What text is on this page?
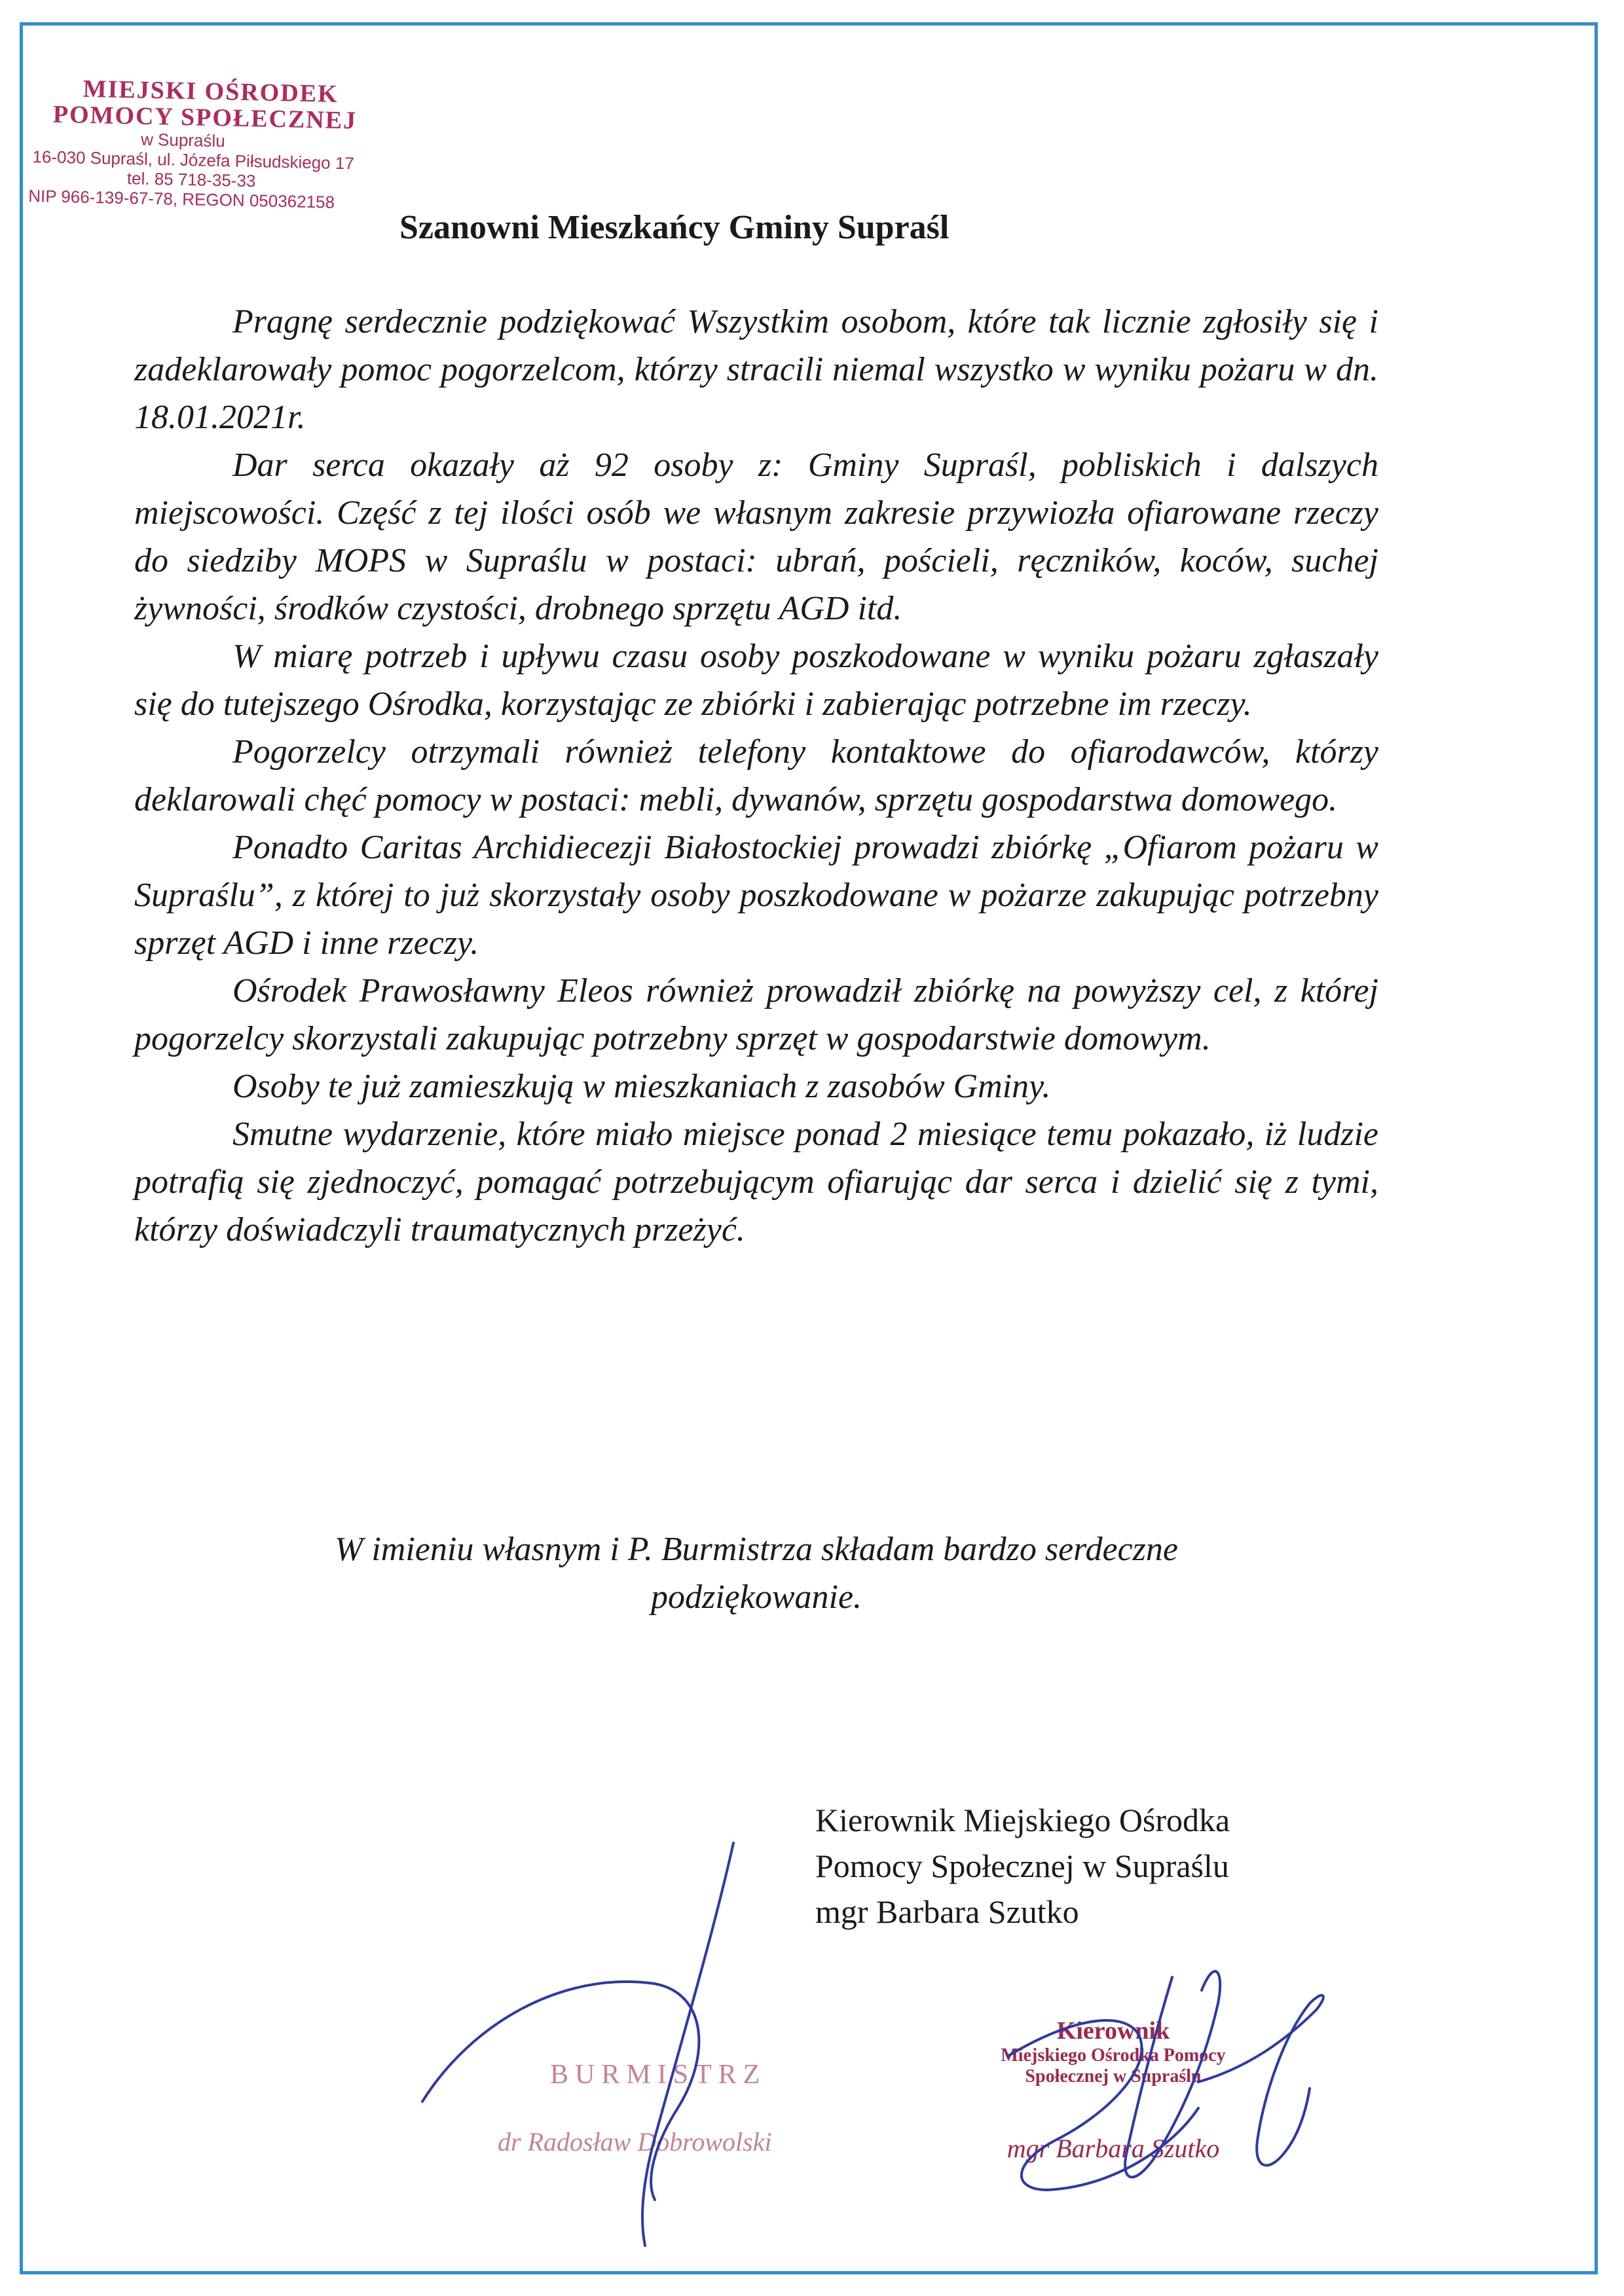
MIEJSKI OŚRODEK
POMOCY SPOŁECZNEJ
w Supraślu
16-030 Supraśl, ul. Józefa Piłsudskiego 17
tel. 85 718-35-33
NIP 966-139-67-78, REGON 050362158
Szanowni Mieszkańcy Gminy Supraśl

Pragnę serdecznie podziękować Wszystkim osobom, które tak licznie zgłosiły się i zadeklarowały pomoc pogorzelcom, którzy stracili niemal wszystko w wyniku pożaru w dn. 18.01.2021r.

Dar serca okazały aż 92 osoby z: Gminy Supraśl, pobliskich i dalszych miejscowości. Część z tej ilości osób we własnym zakresie przywiozła ofiarowane rzeczy do siedziby MOPS w Supraślu w postaci: ubrań, pościeli, ręczników, koców, suchej żywności, środków czystości, drobnego sprzętu AGD itd.

W miarę potrzeb i upływu czasu osoby poszkodowane w wyniku pożaru zgłaszały się do tutejszego Ośrodka, korzystając ze zbiórki i zabierając potrzebne im rzeczy.

Pogorzelcy otrzymali również telefony kontaktowe do ofiarodawców, którzy deklarowali chęć pomocy w postaci: mebli, dywanów, sprzętu gospodarstwa domowego.

Ponadto Caritas Archidiecezji Białostockiej prowadzi zbiórkę „Ofiarom pożaru w Supraślu”, z której to już skorzystały osoby poszkodowane w pożarze zakupując potrzebny sprzęt AGD i inne rzeczy.

Ośrodek Prawosławny Eleos również prowadził zbiórkę na powyższy cel, z której pogorzelcy skorzystali zakupując potrzebny sprzęt w gospodarstwie domowym.

Osoby te już zamieszkują w mieszkaniach z zasobów Gminy.

Smutne wydarzenie, które miało miejsce ponad 2 miesiące temu pokazało, iż ludzie potrafią się zjednoczyć, pomagać potrzebującym ofiarując dar serca i dzielić się z tymi, którzy doświadczyli traumatycznych przeżyć.

W imieniu własnym i P. Burmistrza składam bardzo serdeczne
podziękowanie.
Kierownik Miejskiego Ośrodka
Pomocy Społecznej w Supraślu
mgr Barbara Szutko
BURMISTRZ
dr Radosław Dobrowolski
Kierownik
Miejskiego Ośrodka Pomocy
Społecznej w Supraślu
mgr Barbara Szutko
